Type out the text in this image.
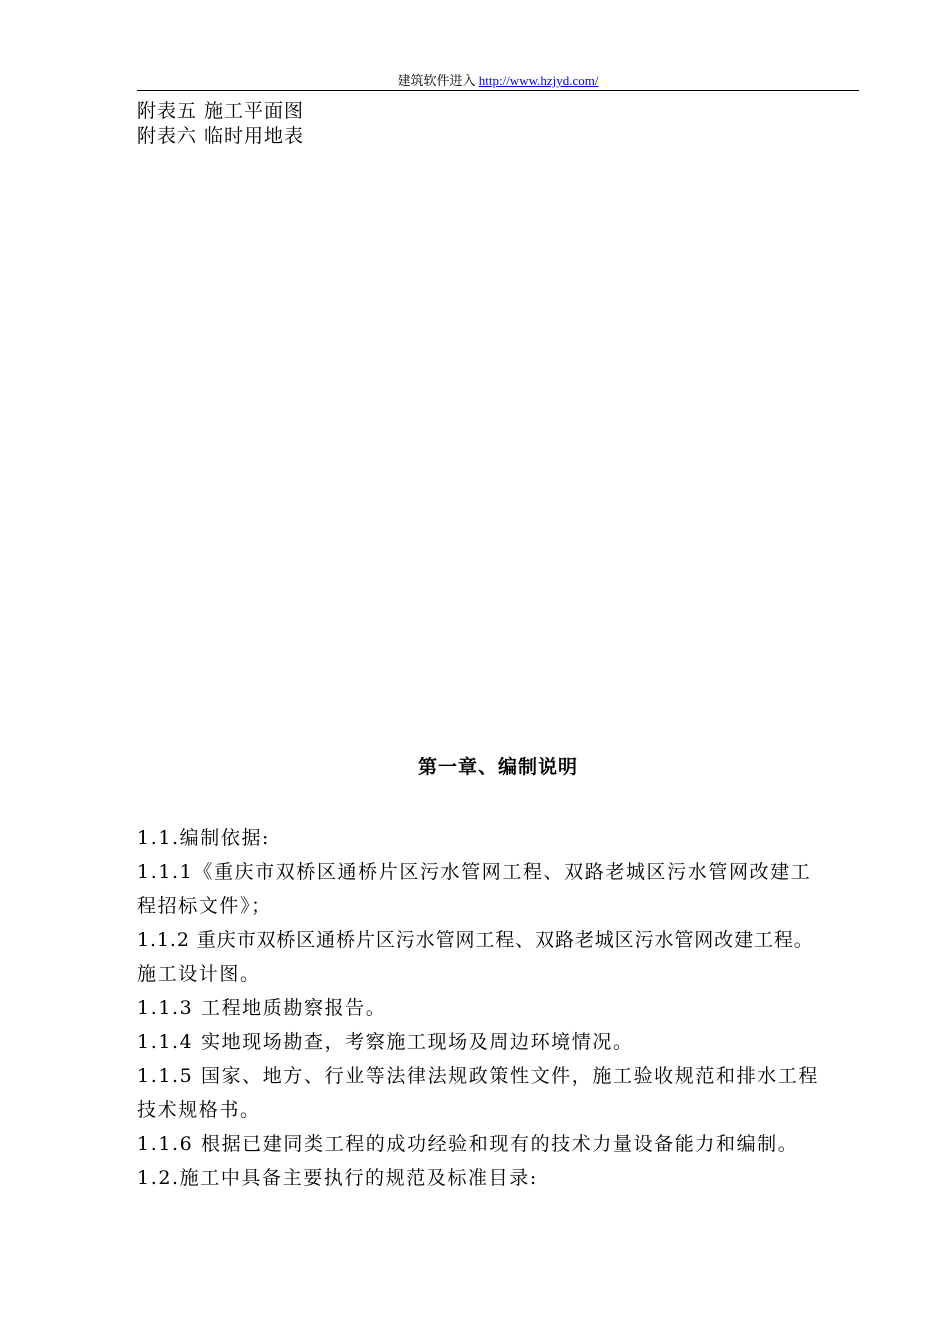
建筑软件进入 http://www.hzjyd.com/
附表五 施工平面图
附表六 临时用地表
第一章、编制说明

1.1.编制依据:
1.1.1《重庆市双桥区通桥片区污水管网工程、双路老城区污水管网改建工
程招标文件》；
1.1.2 重庆市双桥区通桥片区污水管网工程、双路老城区污水管网改建工程。
施工设计图。
1.1.3 工程地质勘察报告。
1.1.4 实地现场勘查，考察施工现场及周边环境情况。
1.1.5 国家、地方、行业等法律法规政策性文件，施工验收规范和排水工程
技术规格书。
1.1.6 根据已建同类工程的成功经验和现有的技术力量设备能力和编制。
1.2.施工中具备主要执行的规范及标准目录:
